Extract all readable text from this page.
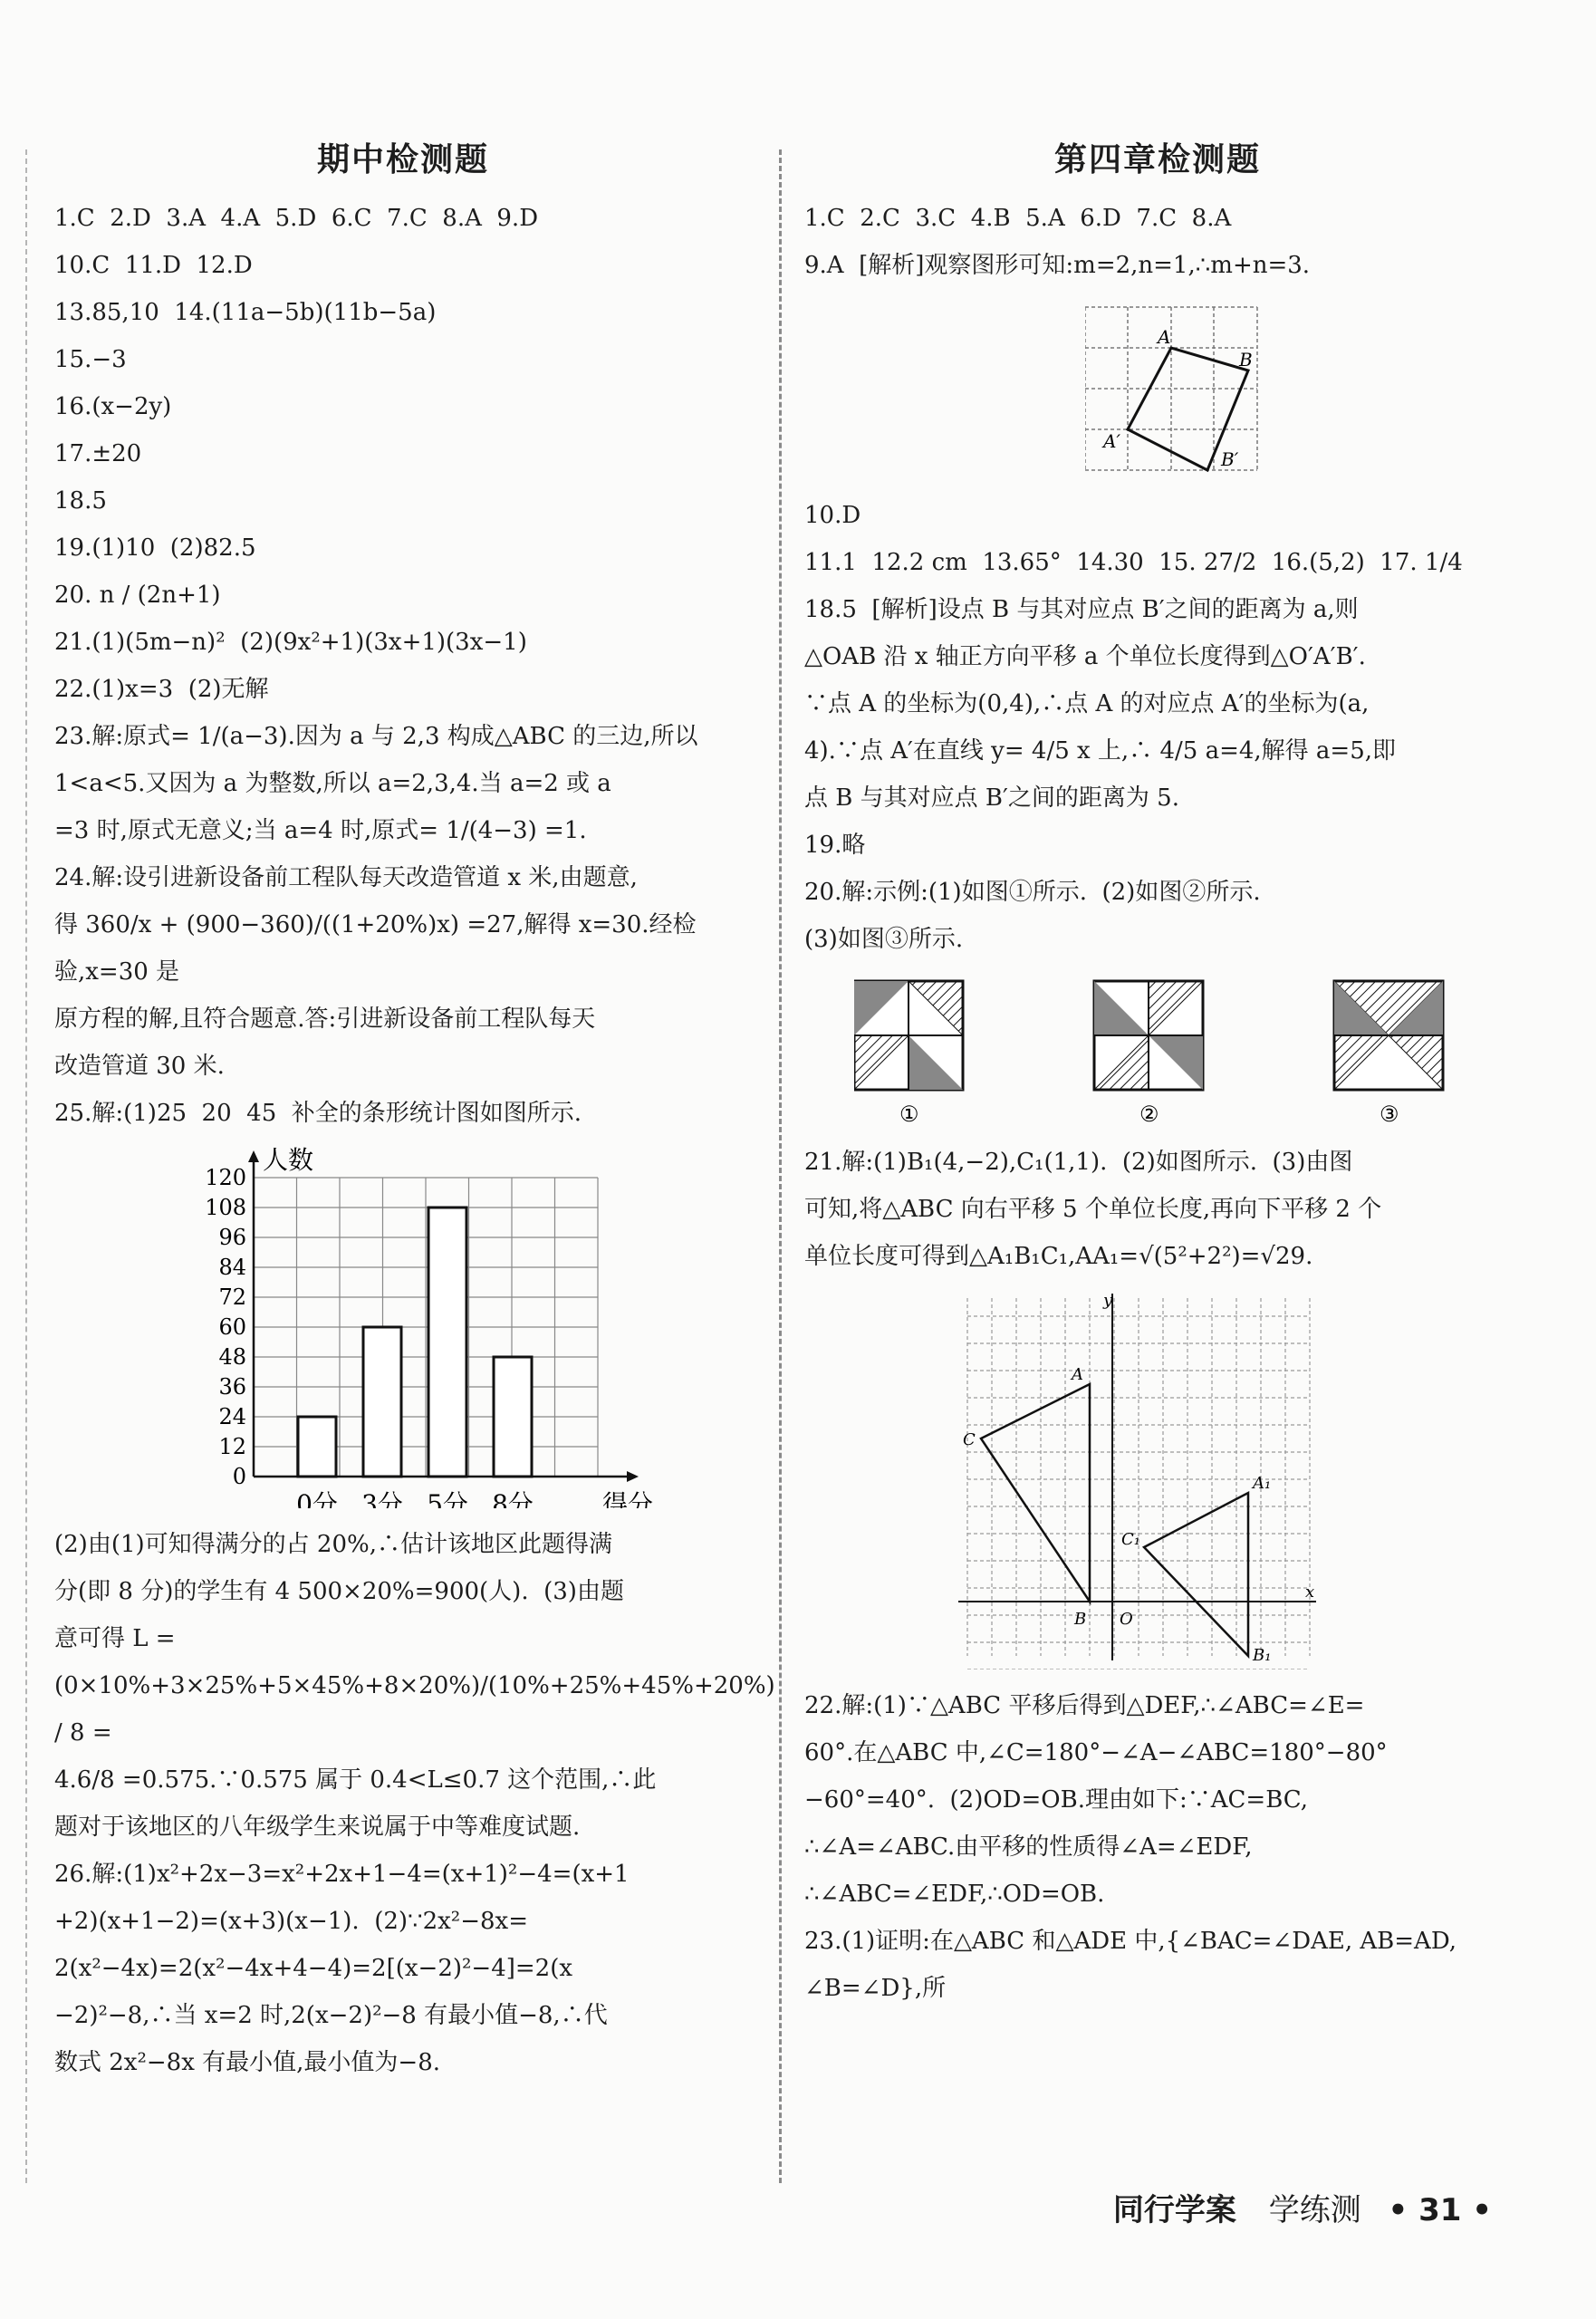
期中检测题
1.C  2.D  3.A  4.A  5.D  6.C  7.C  8.A  9.D
10.C  11.D  12.D
13.85,10  14.(11a−5b)(11b−5a)
15.−3
16.(x−2y)
17.±20
18.5
19.(1)10  (2)82.5
20. n / (2n+1)
21.(1)(5m−n)²  (2)(9x²+1)(3x+1)(3x−1)
22.(1)x=3  (2)无解
23.解:原式= 1/(a−3).因为 a 与 2,3 构成△ABC 的三边,所以
1<a<5.又因为 a 为整数,所以 a=2,3,4.当 a=2 或 a
=3 时,原式无意义;当 a=4 时,原式= 1/(4−3) =1.
24.解:设引进新设备前工程队每天改造管道 x 米,由题意,
得 360/x + (900−360)/((1+20%)x) =27,解得 x=30.经检验,x=30 是
原方程的解,且符合题意.答:引进新设备前工程队每天
改造管道 30 米.
25.解:(1)25  20  45  补全的条形统计图如图所示.
0
12
24
36
48
60
72
84
96
108
120
人数
得分
0分 3分 5分 8分
(2)由(1)可知得满分的占 20%,∴估计该地区此题得满
分(即 8 分)的学生有 4 500×20%=900(人).  (3)由题
意可得 L = (0×10%+3×25%+5×45%+8×20%)/(10%+25%+45%+20%) / 8 =
4.6/8 =0.575.∵0.575 属于 0.4<L≤0.7 这个范围,∴此
题对于该地区的八年级学生来说属于中等难度试题.
26.解:(1)x²+2x−3=x²+2x+1−4=(x+1)²−4=(x+1
+2)(x+1−2)=(x+3)(x−1).  (2)∵2x²−8x=
2(x²−4x)=2(x²−4x+4−4)=2[(x−2)²−4]=2(x
−2)²−8,∴当 x=2 时,2(x−2)²−8 有最小值−8,∴代
数式 2x²−8x 有最小值,最小值为−8.
第四章检测题
1.C  2.C  3.C  4.B  5.A  6.D  7.C  8.A
9.A  [解析]观察图形可知:m=2,n=1,∴m+n=3.
A
B
A′
B′
10.D
11.1  12.2 cm  13.65°  14.30  15. 27/2  16.(5,2)  17. 1/4
18.5  [解析]设点 B 与其对应点 B′之间的距离为 a,则
△OAB 沿 x 轴正方向平移 a 个单位长度得到△O′A′B′.
∵点 A 的坐标为(0,4),∴点 A 的对应点 A′的坐标为(a,
4).∵点 A′在直线 y= 4/5 x 上,∴ 4/5 a=4,解得 a=5,即
点 B 与其对应点 B′之间的距离为 5.
19.略
20.解:示例:(1)如图①所示.  (2)如图②所示.
(3)如图③所示.
①	②	③
21.解:(1)B₁(4,−2),C₁(1,1).  (2)如图所示.  (3)由图
可知,将△ABC 向右平移 5 个单位长度,再向下平移 2 个
单位长度可得到△A₁B₁C₁,AA₁=√(5²+2²)=√29.
y
x
O
A
B
C
A₁
B₁
C₁
22.解:(1)∵△ABC 平移后得到△DEF,∴∠ABC=∠E=
60°.在△ABC 中,∠C=180°−∠A−∠ABC=180°−80°
−60°=40°.  (2)OD=OB.理由如下:∵AC=BC,
∴∠A=∠ABC.由平移的性质得∠A=∠EDF,
∴∠ABC=∠EDF,∴OD=OB.
23.(1)证明:在△ABC 和△ADE 中,{∠BAC=∠DAE, AB=AD, ∠B=∠D},所
同行学案 学练测 • 31 •
